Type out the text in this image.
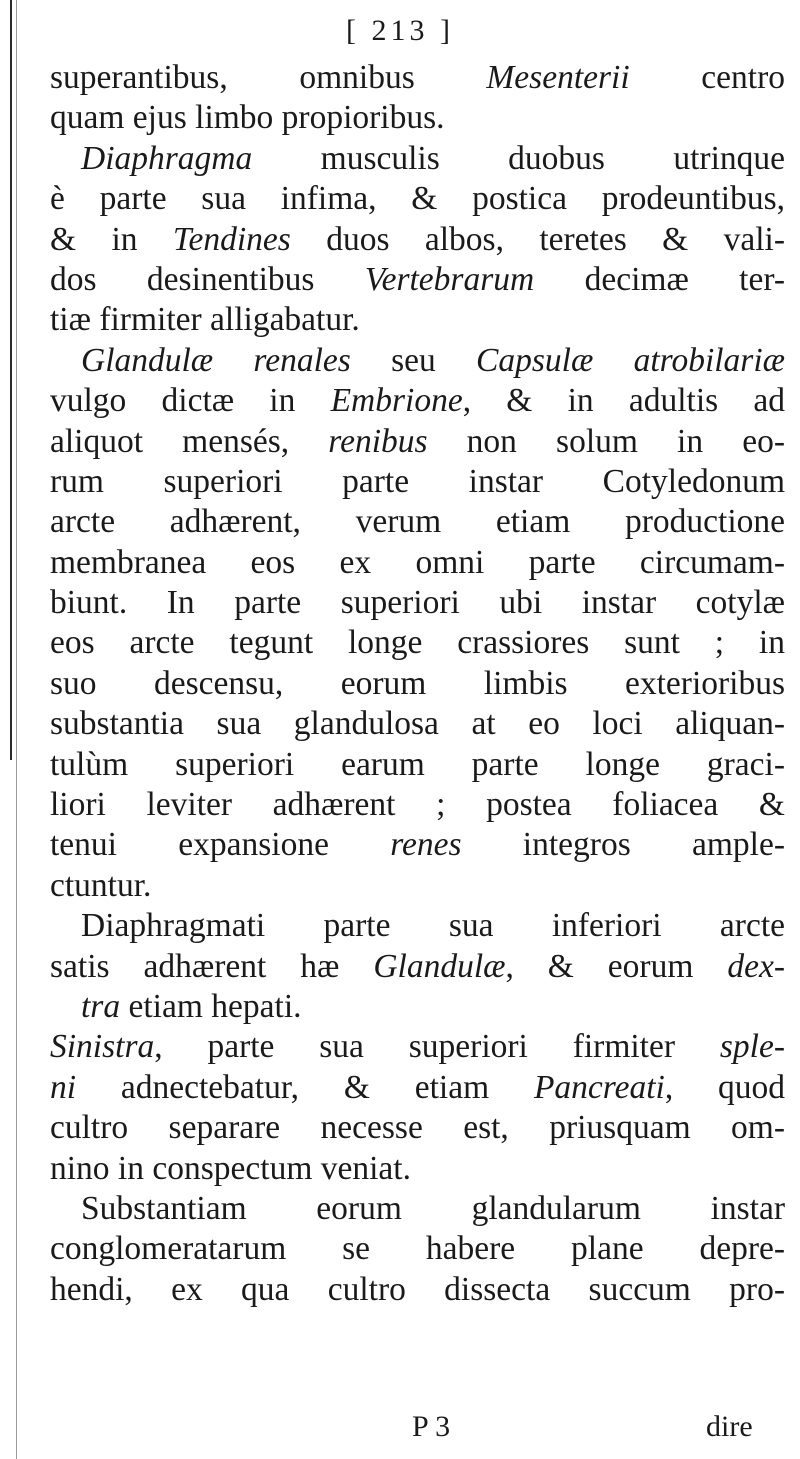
[ 213 ]
superantibus, omnibus Mesenterii centro
quam ejus limbo propioribus.
Diaphragma musculis duobus utrinque
è parte sua infima, & postica prodeuntibus,
& in Tendines duos albos, teretes & vali-
dos desinentibus Vertebrarum decimæ ter-
tiæ firmiter alligabatur.
Glandulæ renales seu Capsulæ atrobilariæ
vulgo dictæ in Embrione, & in adultis ad
aliquot mensés, renibus non solum in eo-
rum superiori parte instar Cotyledonum
arcte adhærent, verum etiam productione
membranea eos ex omni parte circumam-
biunt. In parte superiori ubi instar cotylæ
eos arcte tegunt longe crassiores sunt ; in
suo descensu, eorum limbis exterioribus
substantia sua glandulosa at eo loci aliquan-
tulùm superiori earum parte longe graci-
liori leviter adhærent ; postea foliacea &
tenui expansione renes integros ample-
ctuntur.
Diaphragmati parte sua inferiori arcte
satis adhærent hæ Glandulæ, & eorum dex-
tra etiam hepati.
Sinistra, parte sua superiori firmiter sple-
ni adnectebatur, & etiam Pancreati, quod
cultro separare necesse est, priusquam om-
nino in conspectum veniat.
Substantiam eorum glandularum instar
conglomeratarum se habere plane depre-
hendi, ex qua cultro dissecta succum pro-
P 3	dire
